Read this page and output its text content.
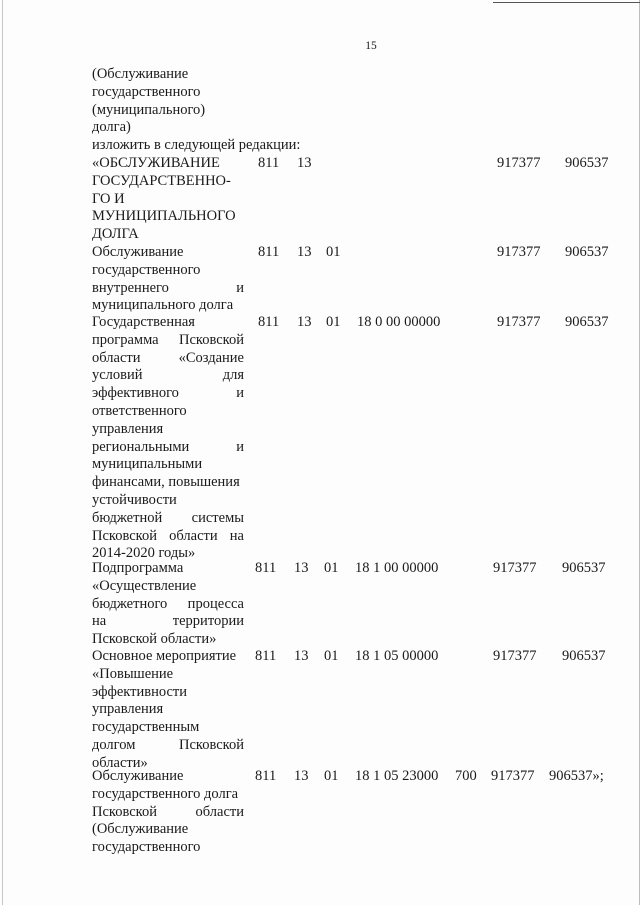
15
(Обслуживание
государственного
(муниципального)
долга)
изложить в следующей редакции:
«ОБСЛУЖИВАНИЕ
ГОСУДАРСТВЕННО-
ГО И
МУНИЦИПАЛЬНОГО
ДОЛГА
811 13	917377 906537
Обслуживание
государственного
внутреннего и
муниципального долга
811 13 01	917377 906537
Государственная
программа Псковской
области «Создание
условий для
эффективного и
ответственного
управления
региональными и
муниципальными
финансами, повышения
устойчивости
бюджетной системы
Псковской области на
2014-2020 годы»
811 13 01 18 0 00 00000	917377 906537
Подпрограмма
«Осуществление
бюджетного процесса
на территории
Псковской области»
811 13 01 18 1 00 00000	917377 906537
Основное мероприятие
«Повышение
эффективности
управления
государственным
долгом Псковской
области»
811 13 01 18 1 05 00000	917377 906537
Обслуживание
государственного долга
Псковской области
(Обслуживание
государственного
811 13 01 18 1 05 23000 700 917377 906537»;
